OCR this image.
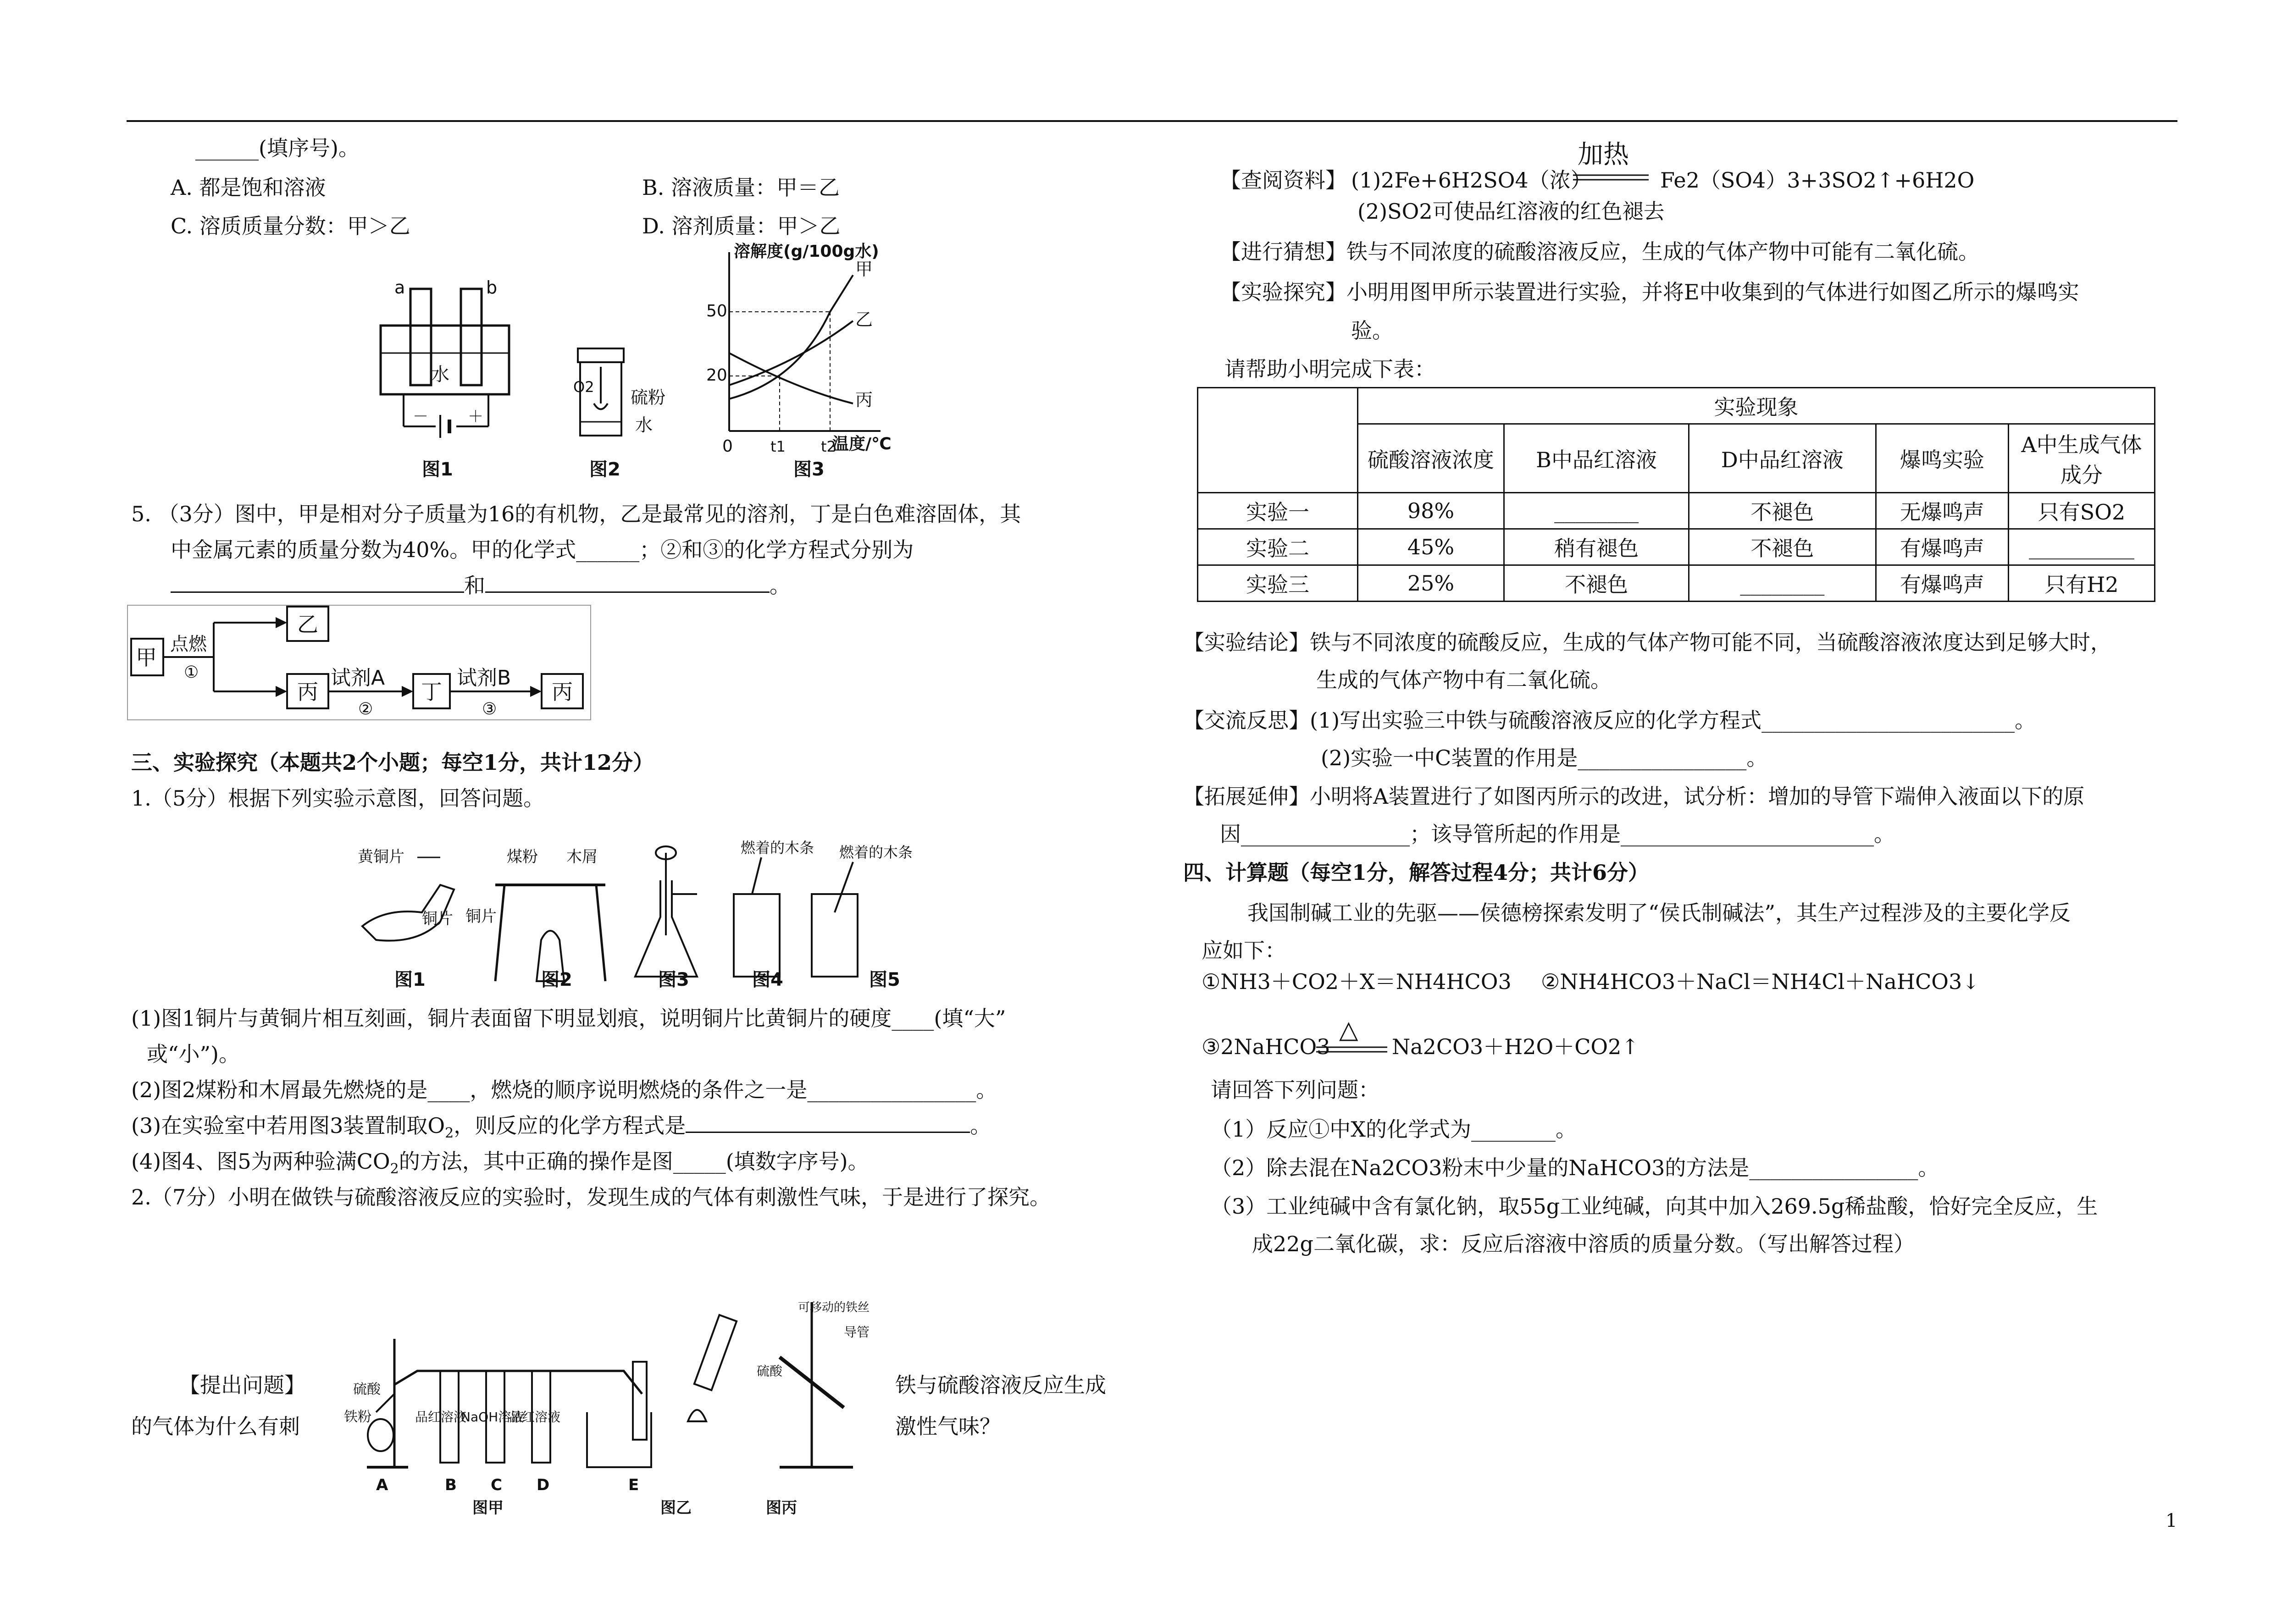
______(填序号)。
A. 都是饱和溶液	B. 溶液质量：甲＝乙
C. 溶质质量分数：甲＞乙	D. 溶剂质量：甲＞乙
a	b
水
－	＋
图1
O2
硫粉
水
图2
溶解度(g/100g水)
温度/℃
50
20
0	t1 t2
甲
乙
丙
图3
5. （3分）图中，甲是相对分子质量为16的有机物，乙是最常见的溶剂，丁是白色难溶固体，其
中金属元素的质量分数为40%。甲的化学式______；②和③的化学方程式分别为
和	。
甲
点燃
①
乙
丙
试剂A
②
丁
试剂B
③
丙
三、实验探究（本题共2个小题；每空1分，共计12分）
1.（5分）根据下列实验示意图，回答问题。
黄铜片
铜片
煤粉 木屑
铜片
燃着的木条 燃着的木条
图1	图2	图3	图4	图5
(1)图1铜片与黄铜片相互刻画，铜片表面留下明显划痕，说明铜片比黄铜片的硬度____(填“大”
或“小”)。
(2)图2煤粉和木屑最先燃烧的是____，燃烧的顺序说明燃烧的条件之一是________________。
(3)在实验室中若用图3装置制取$O_2$，则反应的化学方程式是	。
(4)图4、图5为两种验满$CO_2$的方法，其中正确的操作是图_____(填数字序号)。
2.（7分）小明在做铁与硫酸溶液反应的实验时，发现生成的气体有刺激性气味，于是进行了探究。
【提出问题】
的气体为什么有刺
铁与硫酸溶液反应生成
激性气味？
硫酸
铁粉	品红溶液
NaOH溶液
品红溶液
可移动的铁丝
导管
硫酸
A	B C D	E
图甲	图乙	图丙
【查阅资料】 (1)2Fe+6H2SO4（浓）
加热
Fe2（SO4）3+3SO2↑+6H2O
(2)SO2可使品红溶液的红色褪去
【进行猜想】铁与不同浓度的硫酸溶液反应，生成的气体产物中可能有二氧化硫。
【实验探究】小明用图甲所示装置进行实验，并将E中收集到的气体进行如图乙所示的爆鸣实
验。
请帮助小明完成下表：
	实验现象				
	硫酸溶液浓度	B中品红溶液	D中品红溶液	爆鸣实验	A中生成气体成分
实验一	98%	________	不褪色	无爆鸣声	只有SO2
实验二	45%	稍有褪色	不褪色	有爆鸣声	__________
实验三	25%	不褪色	________	有爆鸣声	只有H2
【实验结论】铁与不同浓度的硫酸反应，生成的气体产物可能不同，当硫酸溶液浓度达到足够大时，
生成的气体产物中有二氧化硫。
【交流反思】(1)写出实验三中铁与硫酸溶液反应的化学方程式________________________。
(2)实验一中C装置的作用是________________。
【拓展延伸】小明将A装置进行了如图丙所示的改进，试分析：增加的导管下端伸入液面以下的原
因________________；该导管所起的作用是________________________。
四、计算题（每空1分，解答过程4分；共计6分）
我国制碱工业的先驱——侯德榜探索发明了“侯氏制碱法”，其生产过程涉及的主要化学反
应如下：
①NH3＋CO2＋X＝NH4HCO3 ②NH4HCO3＋NaCl＝NH4Cl＋NaHCO3↓
△
③2NaHCO3	Na2CO3＋H2O＋CO2↑
请回答下列问题：
（1）反应①中X的化学式为________。
（2）除去混在Na2CO3粉末中少量的NaHCO3的方法是________________。
（3）工业纯碱中含有氯化钠，取55g工业纯碱，向其中加入269.5g稀盐酸，恰好完全反应，生
成22g二氧化碳，求：反应后溶液中溶质的质量分数。（写出解答过程）
1
